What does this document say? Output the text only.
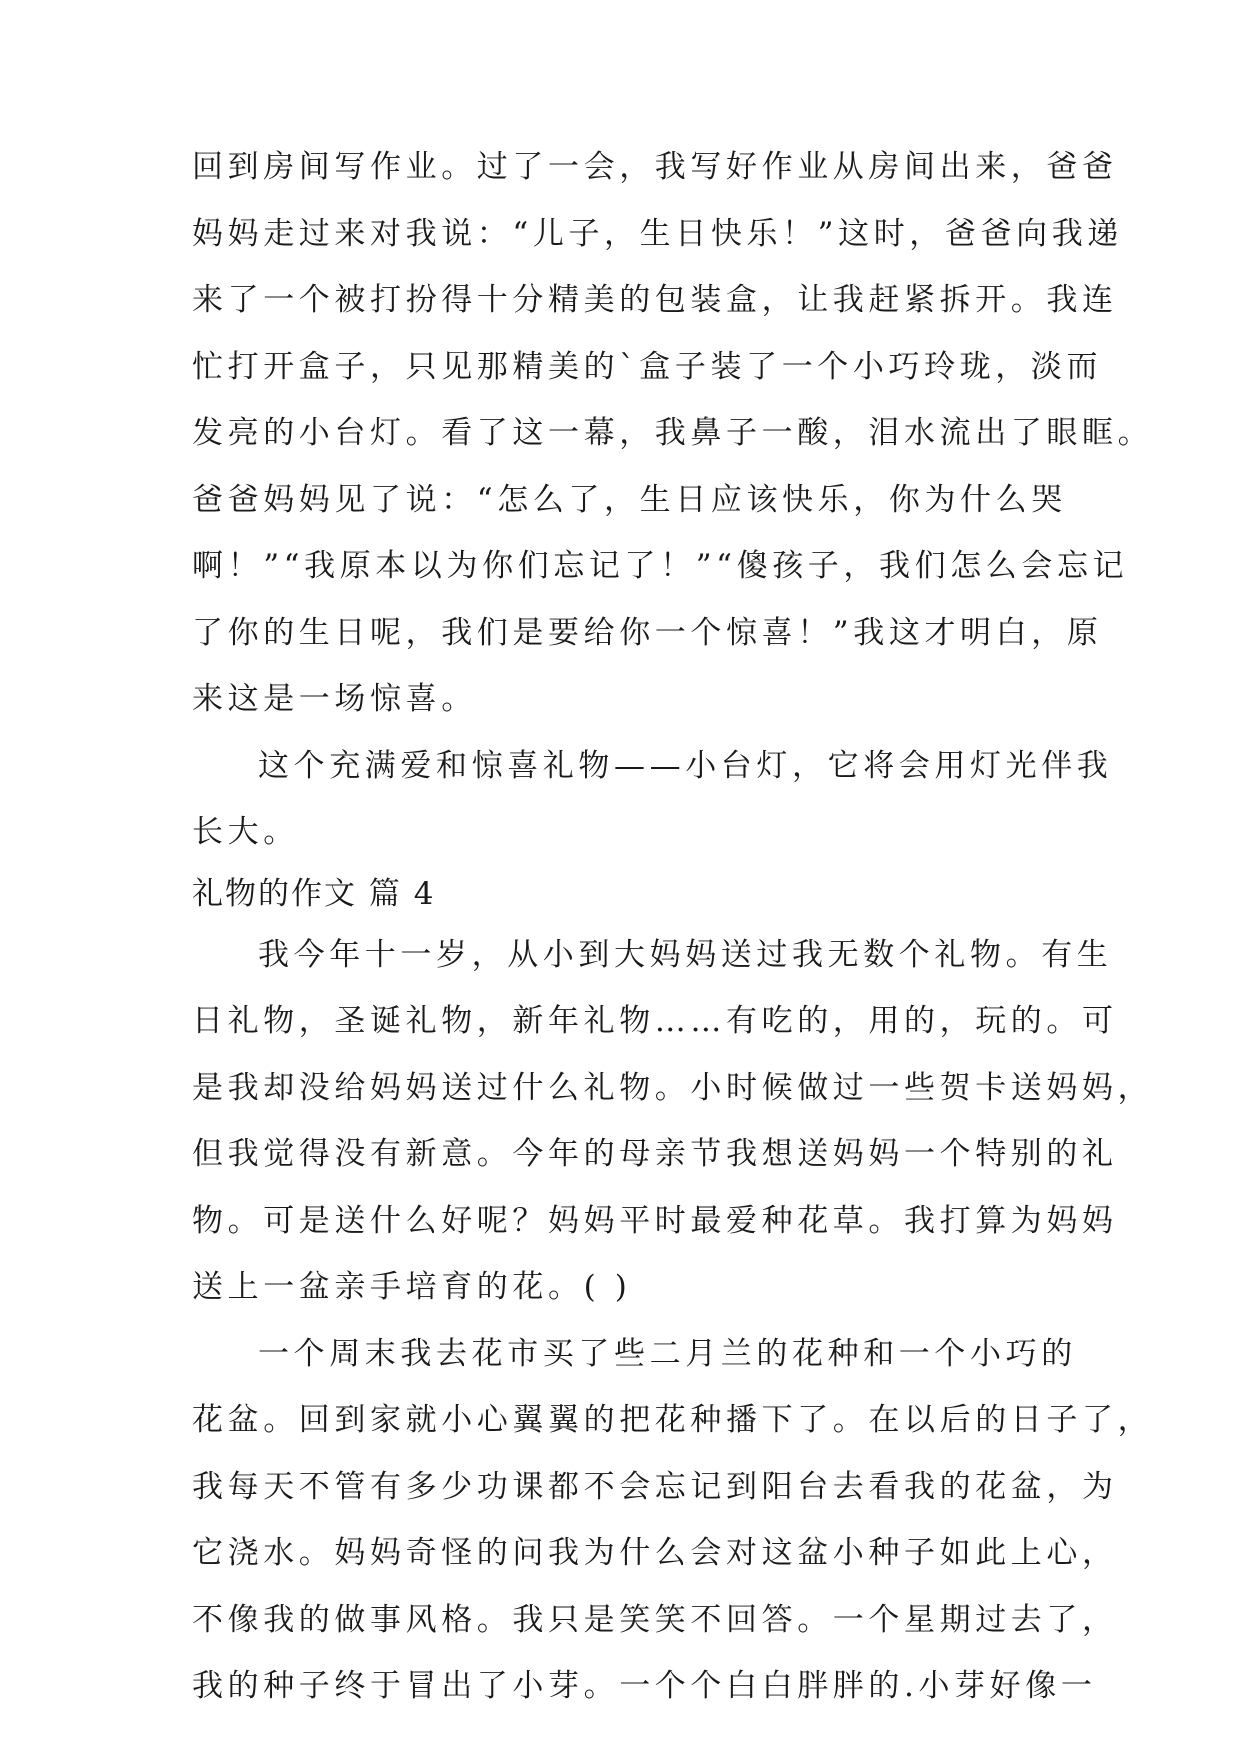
回到房间写作业。过了一会，我写好作业从房间出来，爸爸
妈妈走过来对我说：“儿子，生日快乐！”这时，爸爸向我递
来了一个被打扮得十分精美的包装盒，让我赶紧拆开。我连
忙打开盒子，只见那精美的`盒子装了一个小巧玲珑，淡而
发亮的小台灯。看了这一幕，我鼻子一酸，泪水流出了眼眶。
爸爸妈妈见了说：“怎么了，生日应该快乐，你为什么哭
啊！”“我原本以为你们忘记了！”“傻孩子，我们怎么会忘记
了你的生日呢，我们是要给你一个惊喜！”我这才明白，原
来这是一场惊喜。
这个充满爱和惊喜礼物——小台灯，它将会用灯光伴我
长大。
礼物的作文 篇 4
我今年十一岁，从小到大妈妈送过我无数个礼物。有生
日礼物，圣诞礼物，新年礼物……有吃的，用的，玩的。可
是我却没给妈妈送过什么礼物。小时候做过一些贺卡送妈妈，
但我觉得没有新意。今年的母亲节我想送妈妈一个特别的礼
物。可是送什么好呢？妈妈平时最爱种花草。我打算为妈妈
送上一盆亲手培育的花。( )
一个周末我去花市买了些二月兰的花种和一个小巧的
花盆。回到家就小心翼翼的把花种播下了。在以后的日子了，
我每天不管有多少功课都不会忘记到阳台去看我的花盆，为
它浇水。妈妈奇怪的问我为什么会对这盆小种子如此上心，
不像我的做事风格。我只是笑笑不回答。一个星期过去了，
我的种子终于冒出了小芽。一个个白白胖胖的.小芽好像一
